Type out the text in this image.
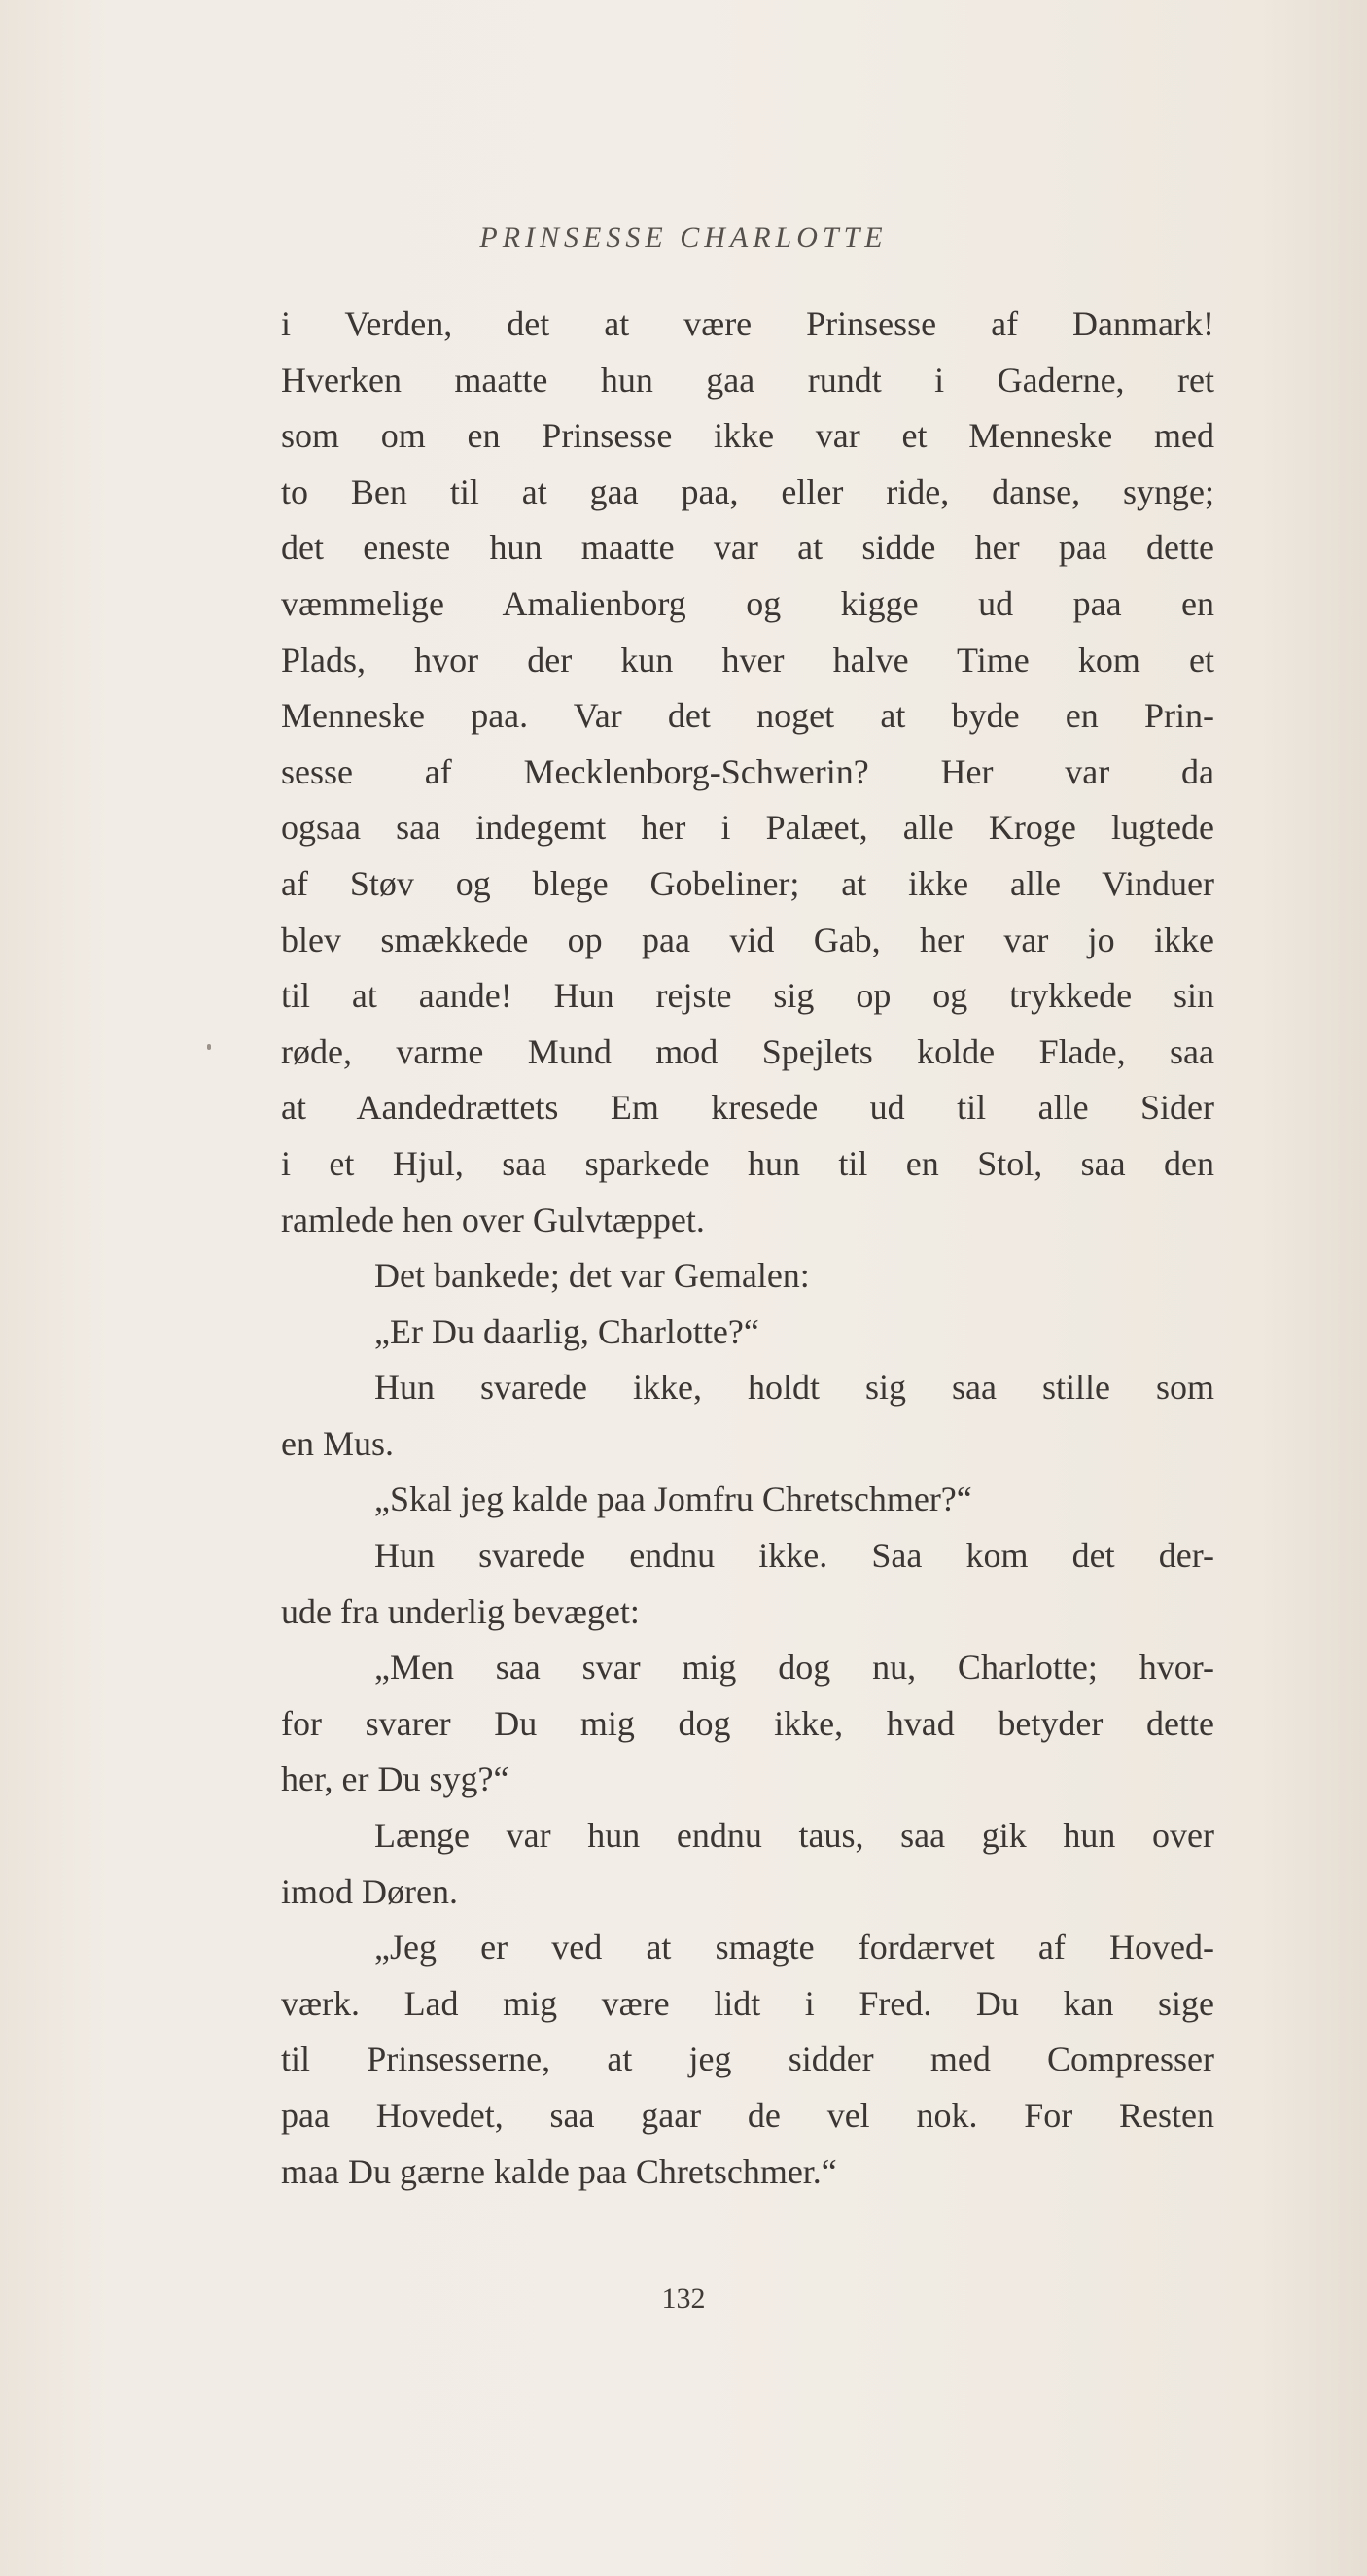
PRINSESSE CHARLOTTE
i Verden, det at være Prinsesse af Danmark!
Hverken maatte hun gaa rundt i Gaderne, ret
som om en Prinsesse ikke var et Menneske med
to Ben til at gaa paa, eller ride, danse, synge;
det eneste hun maatte var at sidde her paa dette
væmmelige Amalienborg og kigge ud paa en
Plads, hvor der kun hver halve Time kom et
Menneske paa. Var det noget at byde en Prin-
sesse af Mecklenborg-Schwerin? Her var da
ogsaa saa indegemt her i Palæet, alle Kroge lugtede
af Støv og blege Gobeliner; at ikke alle Vinduer
blev smækkede op paa vid Gab, her var jo ikke
til at aande! Hun rejste sig op og trykkede sin
røde, varme Mund mod Spejlets kolde Flade, saa
at Aandedrættets Em kresede ud til alle Sider
i et Hjul, saa sparkede hun til en Stol, saa den
ramlede hen over Gulvtæppet.
Det bankede; det var Gemalen:
„Er Du daarlig, Charlotte?“
Hun svarede ikke, holdt sig saa stille som
en Mus.
„Skal jeg kalde paa Jomfru Chretschmer?“
Hun svarede endnu ikke. Saa kom det der-
ude fra underlig bevæget:
„Men saa svar mig dog nu, Charlotte; hvor-
for svarer Du mig dog ikke, hvad betyder dette
her, er Du syg?“
Længe var hun endnu taus, saa gik hun over
imod Døren.
„Jeg er ved at smagte fordærvet af Hoved-
værk. Lad mig være lidt i Fred. Du kan sige
til Prinsesserne, at jeg sidder med Compresser
paa Hovedet, saa gaar de vel nok. For Resten
maa Du gærne kalde paa Chretschmer.“
132
